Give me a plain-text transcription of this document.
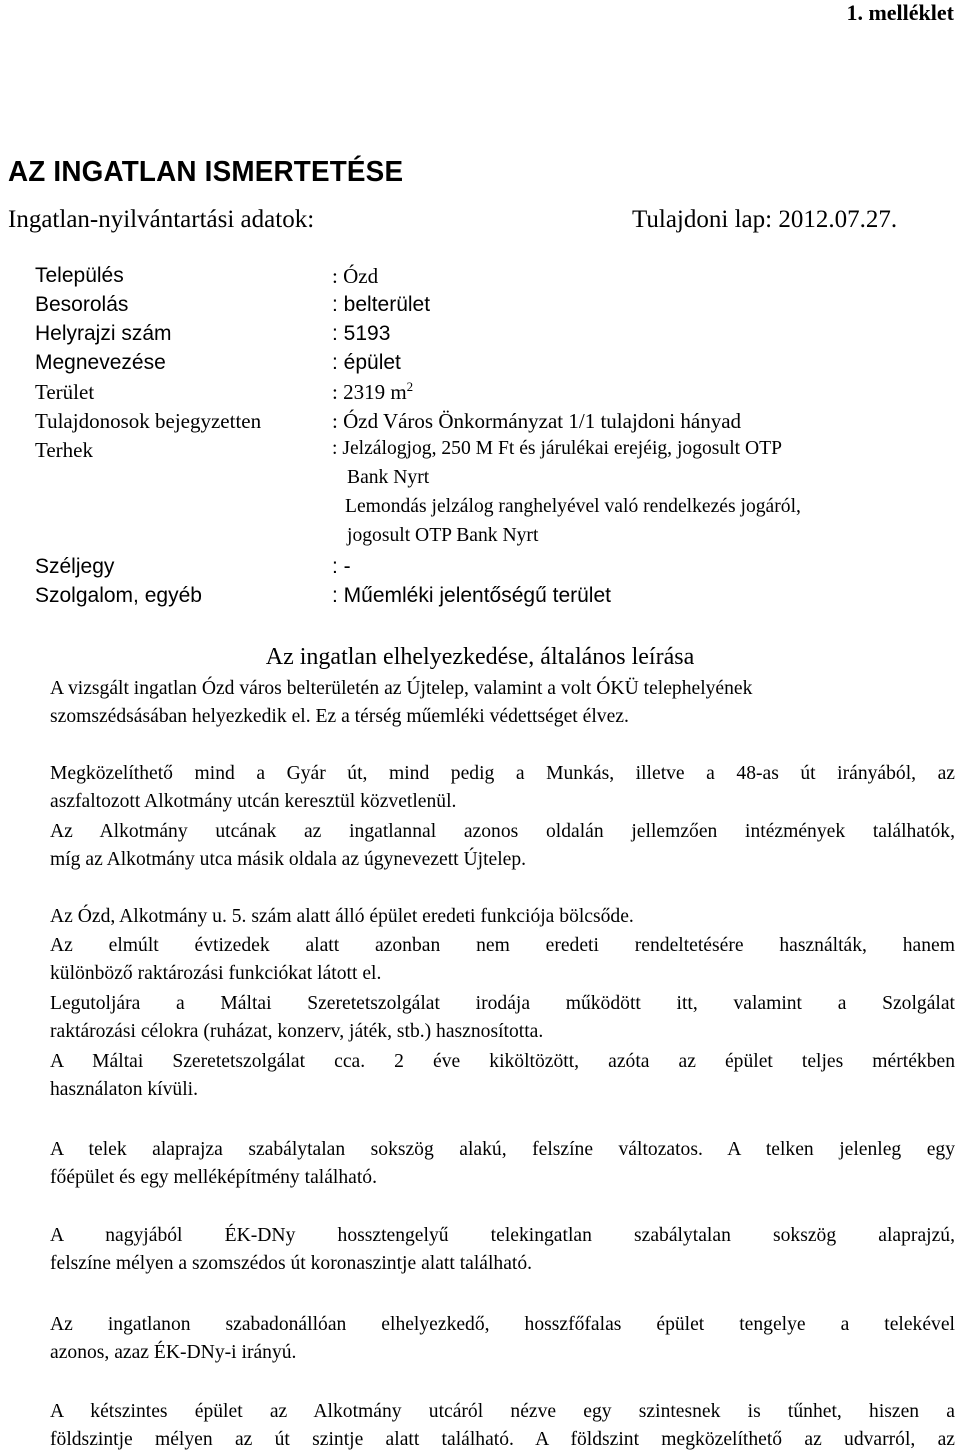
1. melléklet
AZ INGATLAN ISMERTETÉSE
Ingatlan-nyilvántartási adatok:	Tulajdoni lap: 2012.07.27.
Település	: Ózd
Besorolás	: belterület
Helyrajzi szám	: 5193
Megnevezése	: épület
Terület	: 2319 $m^2$
Tulajdonosok bejegyzetten	: Ózd Város Önkormányzat 1/1 tulajdoni hányad
Terhek	: Jelzálogjog, 250 M Ft és járulékai erejéig, jogosult OTP
Bank Nyrt
Lemondás jelzálog ranghelyével való rendelkezés jogáról,
jogosult OTP Bank Nyrt
Széljegy	: -
Szolgalom, egyéb	: Műemléki jelentőségű terület
Az ingatlan elhelyezkedése, általános leírása
A vizsgált ingatlan Ózd város belterületén az Újtelep, valamint a volt ÓKÜ telephelyének
szomszédsásában helyezkedik el. Ez a térség műemléki védettséget élvez.
Megközelíthető mind a Gyár út, mind pedig a Munkás, illetve a 48-as út irányából, az
aszfaltozott Alkotmány utcán keresztül közvetlenül.
Az Alkotmány utcának az ingatlannal azonos oldalán jellemzően intézmények találhatók,
míg az Alkotmány utca másik oldala az úgynevezett Újtelep.
Az Ózd, Alkotmány u. 5. szám alatt álló épület eredeti funkciója bölcsőde.
Az elmúlt évtizedek alatt azonban nem eredeti rendeltetésére használták, hanem
különböző raktározási funkciókat látott el.
Legutoljára a Máltai Szeretetszolgálat irodája működött itt, valamint a Szolgálat
raktározási célokra (ruházat, konzerv, játék, stb.) hasznosította.
A Máltai Szeretetszolgálat cca. 2 éve kiköltözött, azóta az épület teljes mértékben
használaton kívüli.
A telek alaprajza szabálytalan sokszög alakú, felszíne változatos. A telken jelenleg egy
főépület és egy melléképítmény található.
A nagyjából ÉK-DNy hossztengelyű telekingatlan szabálytalan sokszög alaprajzú,
felszíne mélyen a szomszédos út koronaszintje alatt található.
Az ingatlanon szabadonállóan elhelyezkedő, hosszfőfalas épület tengelye a telekével
azonos, azaz ÉK-DNy-i irányú.
A kétszintes épület az Alkotmány utcáról nézve egy szintesnek is tűnhet, hiszen a
földszintje mélyen az út szintje alatt található. A földszint megközelíthető az udvarról, az
